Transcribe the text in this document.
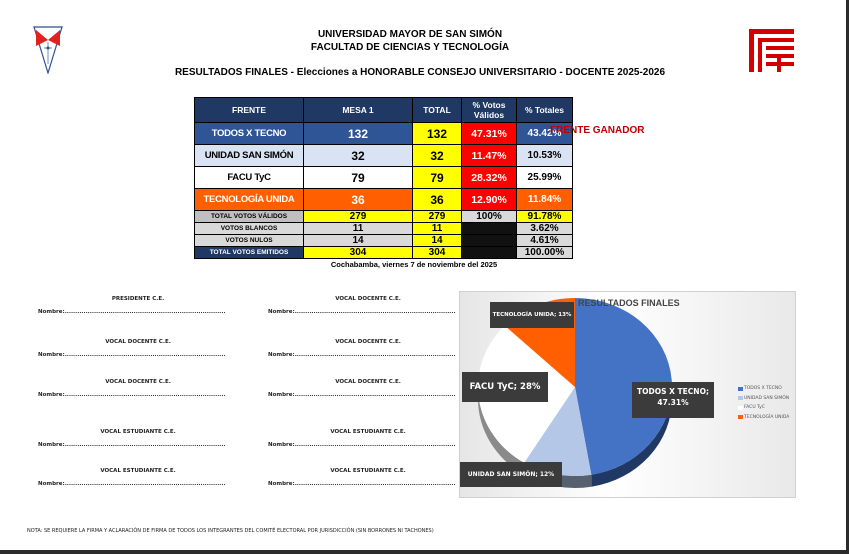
UNIVERSIDAD MAYOR DE SAN SIMÓN
FACULTAD DE CIENCIAS Y TECNOLOGÍA
RESULTADOS FINALES - Elecciones a HONORABLE CONSEJO UNIVERSITARIO - DOCENTE 2025-2026
FRENTE	MESA 1	TOTAL	% Votos Válidos	% Totales
TODOS X TECNO	132	132	47.31%	43.42%
UNIDAD SAN SIMÓN	32	32	11.47%	10.53%
FACU TyC	79	79	28.32%	25.99%
TECNOLOGÍA UNIDA	36	36	12.90%	11.84%
TOTAL VOTOS VÁLIDOS	279	279	100%	91.78%
VOTOS BLANCOS	11	11		3.62%
VOTOS NULOS	14	14		4.61%
TOTAL VOTOS EMITIDOS	304	304		100.00%
FRENTE GANADOR
Cochabamba, viernes 7 de noviembre del 2025
PRESIDENTE C.E.
Nombre:.............................................................................
VOCAL DOCENTE C.E.
Nombre:.............................................................................
VOCAL DOCENTE C.E.
Nombre:.............................................................................
VOCAL DOCENTE C.E.
Nombre:.............................................................................
VOCAL DOCENTE C.E.
Nombre:.............................................................................
VOCAL DOCENTE C.E.
Nombre:.............................................................................
VOCAL ESTUDIANTE C.E.
Nombre:.............................................................................
VOCAL ESTUDIANTE C.E.
Nombre:.............................................................................
VOCAL ESTUDIANTE C.E.
Nombre:.............................................................................
VOCAL ESTUDIANTE C.E.
Nombre:.............................................................................
RESULTADOS FINALES
TECNOLOGÍA UNIDA; 13%
FACU TyC; 28%	TODOS X TECNO;
47.31%
UNIDAD SAN SIMÓN; 12%
TODOS X TECNO
UNIDAD SAN SIMÓN
FACU TyC
TECNOLOGÍA UNIDA
NOTA: SE REQUIERE LA FIRMA Y ACLARACIÓN DE FIRMA DE TODOS LOS INTEGRANTES DEL COMITÉ ELECTORAL POR JURISDICCIÓN (SIN BORRONES NI TACHONES)
